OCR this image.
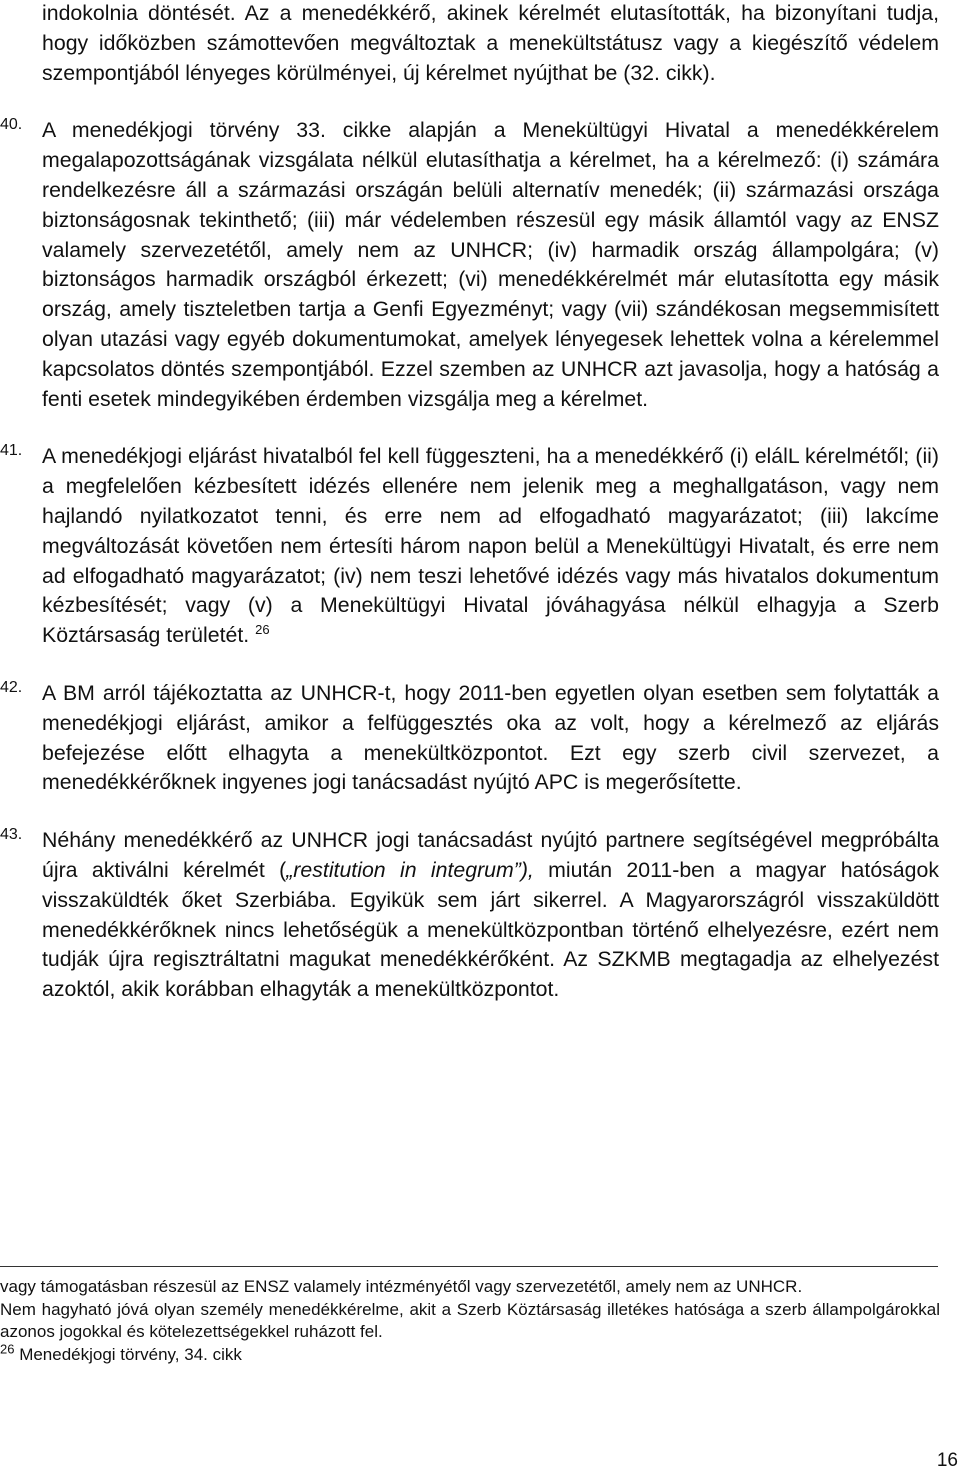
indokolnia döntését. Az a menedékkérő, akinek kérelmét elutasították, ha bizonyítani tudja, hogy időközben számottevően megváltoztak a menekültstátusz vagy a kiegészítő védelem szempontjából lényeges körülményei, új kérelmet nyújthat be (32. cikk).

40. A menedékjogi törvény 33. cikke alapján a Menekültügyi Hivatal a menedékkérelem megalapozottságának vizsgálata nélkül elutasíthatja a kérelmet, ha a kérelmező: (i) számára rendelkezésre áll a származási országán belüli alternatív menedék; (ii) származási országa biztonságosnak tekinthető; (iii) már védelemben részesül egy másik államtól vagy az ENSZ valamely szervezetétől, amely nem az UNHCR; (iv) harmadik ország állampolgára; (v) biztonságos harmadik országból érkezett; (vi) menedékkérelmét már elutasította egy másik ország, amely tiszteletben tartja a Genfi Egyezményt; vagy (vii) szándékosan megsemmisített olyan utazási vagy egyéb dokumentumokat, amelyek lényegesek lehettek volna a kérelemmel kapcsolatos döntés szempontjából. Ezzel szemben az UNHCR azt javasolja, hogy a hatóság a fenti esetek mindegyikében érdemben vizsgálja meg a kérelmet.

41. A menedékjogi eljárást hivatalból fel kell függeszteni, ha a menedékkérő (i) elálL kérelmétől; (ii) a megfelelően kézbesített idézés ellenére nem jelenik meg a meghallgatáson, vagy nem hajlandó nyilatkozatot tenni, és erre nem ad elfogadható magyarázatot; (iii) lakcíme megváltozását követően nem értesíti három napon belül a Menekültügyi Hivatalt, és erre nem ad elfogadható magyarázatot; (iv) nem teszi lehetővé idézés vagy más hivatalos dokumentum kézbesítését; vagy (v) a Menekültügyi Hivatal jóváhagyása nélkül elhagyja a Szerb Köztársaság területét. $^{26}$

42. A BM arról tájékoztatta az UNHCR-t, hogy 2011-ben egyetlen olyan esetben sem folytatták a menedékjogi eljárást, amikor a felfüggesztés oka az volt, hogy a kérelmező az eljárás befejezése előtt elhagyta a menekültközpontot. Ezt egy szerb civil szervezet, a menedékkérőknek ingyenes jogi tanácsadást nyújtó APC is megerősítette.

43. Néhány menedékkérő az UNHCR jogi tanácsadást nyújtó partnere segítségével megpróbálta újra aktiválni kérelmét („restitution in integrum”), miután 2011-ben a magyar hatóságok visszaküldték őket Szerbiába. Egyikük sem járt sikerrel. A Magyarországról visszaküldött menedékkérőknek nincs lehetőségük a menekültközpontban történő elhelyezésre, ezért nem tudják újra regisztráltatni magukat menedékkérőként. Az SZKMB megtagadja az elhelyezést azoktól, akik korábban elhagyták a menekültközpontot.

vagy támogatásban részesül az ENSZ valamely intézményétől vagy szervezetétől, amely nem az UNHCR.

Nem hagyható jóvá olyan személy menedékkérelme, akit a Szerb Köztársaság illetékes hatósága a szerb állampolgárokkal azonos jogokkal és kötelezettségekkel ruházott fel.

$^{26}$ Menedékjogi törvény, 34. cikk

16
